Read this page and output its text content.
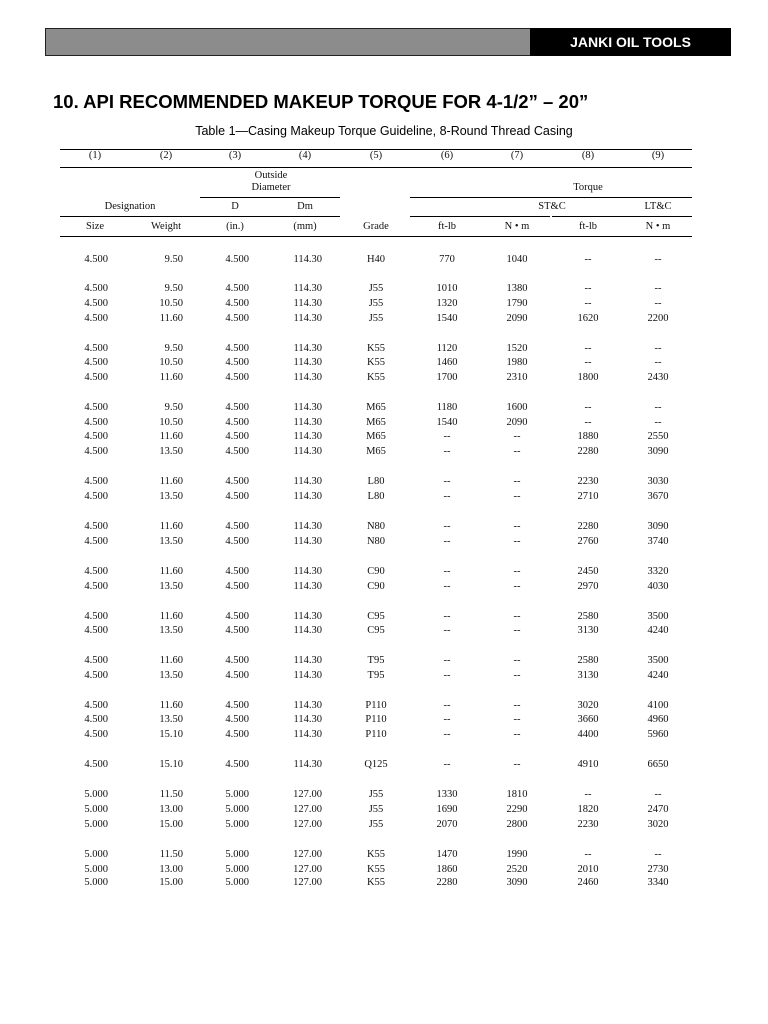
JANKI OIL TOOLS
10. API RECOMMENDED MAKEUP TORQUE FOR 4-1/2” – 20”
Table 1—Casing Makeup Torque Guideline, 8-Round Thread Casing
(1)	(2)	(3)	(4)	(5)	(6)	(7)	(8)	(9)
Outside
Diameter	Torque
Designation	D	Dm	ST&C	LT&C
Size	Weight	(in.)	(mm)	Grade	ft-lb	N • m	ft-lb	N • m
4.500	9.50	4.500	114.30	H40	770	1040	--	--
4.500	9.50	4.500	114.30	J55	1010	1380	--	--
4.500	10.50	4.500	114.30	J55	1320	1790	--	--
4.500	11.60	4.500	114.30	J55	1540	2090	1620	2200
4.500	9.50	4.500	114.30	K55	1120	1520	--	--
4.500	10.50	4.500	114.30	K55	1460	1980	--	--
4.500	11.60	4.500	114.30	K55	1700	2310	1800	2430
4.500	9.50	4.500	114.30	M65	1180	1600	--	--
4.500	10.50	4.500	114.30	M65	1540	2090	--	--
4.500	11.60	4.500	114.30	M65	--	--	1880	2550
4.500	13.50	4.500	114.30	M65	--	--	2280	3090
4.500	11.60	4.500	114.30	L80	--	--	2230	3030
4.500	13.50	4.500	114.30	L80	--	--	2710	3670
4.500	11.60	4.500	114.30	N80	--	--	2280	3090
4.500	13.50	4.500	114.30	N80	--	--	2760	3740
4.500	11.60	4.500	114.30	C90	--	--	2450	3320
4.500	13.50	4.500	114.30	C90	--	--	2970	4030
4.500	11.60	4.500	114.30	C95	--	--	2580	3500
4.500	13.50	4.500	114.30	C95	--	--	3130	4240
4.500	11.60	4.500	114.30	T95	--	--	2580	3500
4.500	13.50	4.500	114.30	T95	--	--	3130	4240
4.500	11.60	4.500	114.30	P110	--	--	3020	4100
4.500	13.50	4.500	114.30	P110	--	--	3660	4960
4.500	15.10	4.500	114.30	P110	--	--	4400	5960
4.500	15.10	4.500	114.30	Q125	--	--	4910	6650
5.000	11.50	5.000	127.00	J55	1330	1810	--	--
5.000	13.00	5.000	127.00	J55	1690	2290	1820	2470
5.000	15.00	5.000	127.00	J55	2070	2800	2230	3020
5.000	11.50	5.000	127.00	K55	1470	1990	--	--
5.000	13.00	5.000	127.00	K55	1860	2520	2010	2730
5.000	15.00	5.000	127.00	K55	2280	3090	2460	3340
